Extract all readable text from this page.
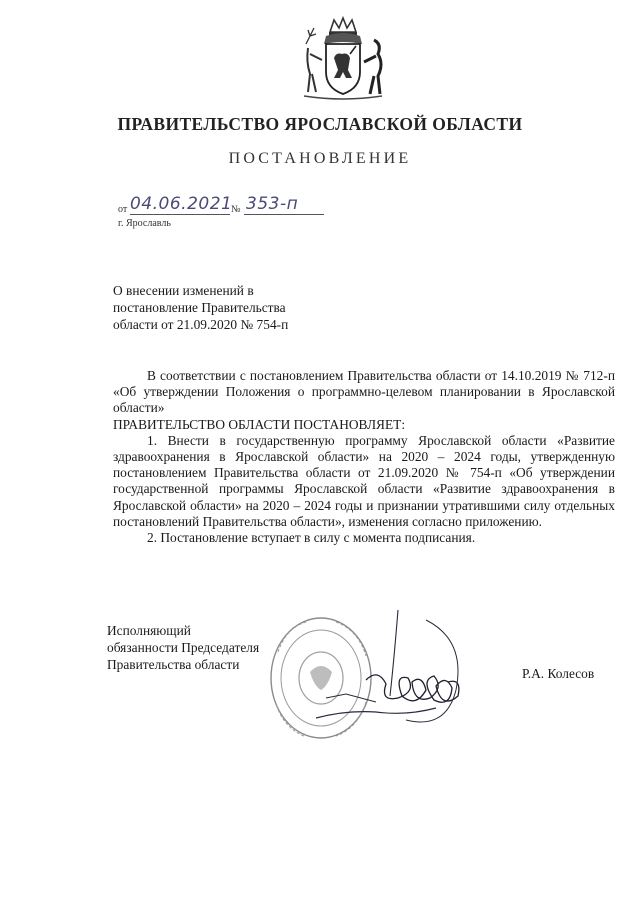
ПРАВИТЕЛЬСТВО ЯРОСЛАВСКОЙ ОБЛАСТИ
ПОСТАНОВЛЕНИЕ
от 04.06.2021
№ 353-п
г. Ярославль
О внесении изменений в
постановление Правительства
области от 21.09.2020 № 754-п

В соответствии с постановлением Правительства области от 14.10.2019 № 712-п «Об утверждении Положения о программно-целевом планировании в Ярославской области»

ПРАВИТЕЛЬСТВО ОБЛАСТИ ПОСТАНОВЛЯЕТ:

1. Внести в государственную программу Ярославской области «Развитие здравоохранения в Ярославской области» на 2020 – 2024 годы, утвержденную постановлением Правительства области от 21.09.2020 № 754-п «Об утверждении государственной программы Ярославской области «Развитие здравоохранения в Ярославской области» на 2020 – 2024 годы и признании утратившими силу отдельных постановлений Правительства области», изменения согласно приложению.

2. Постановление вступает в силу с момента подписания.

Исполняющий
обязанности Председателя
Правительства области
Р.А. Колесов
